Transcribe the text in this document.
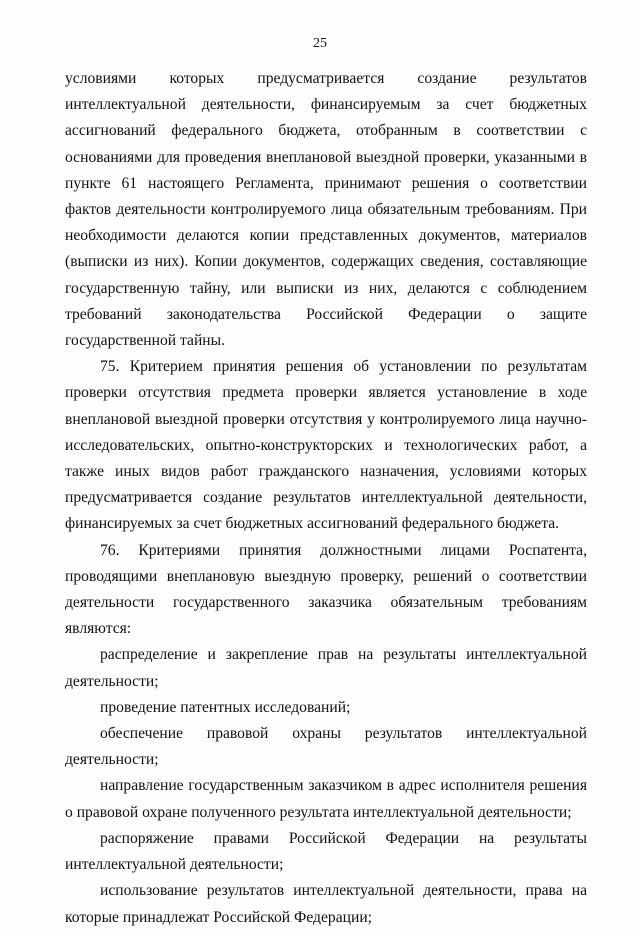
25

условиями которых предусматривается создание результатов интеллектуальной деятельности, финансируемым за счет бюджетных ассигнований федерального бюджета, отобранным в соответствии с основаниями для проведения внеплановой выездной проверки, указанными в пункте 61 настоящего Регламента, принимают решения о соответствии фактов деятельности контролируемого лица обязательным требованиям. При необходимости делаются копии представленных документов, материалов (выписки из них). Копии документов, содержащих сведения, составляющие государственную тайну, или выписки из них, делаются с соблюдением требований законодательства Российской Федерации о защите государственной тайны.

75. Критерием принятия решения об установлении по результатам проверки отсутствия предмета проверки является установление в ходе внеплановой выездной проверки отсутствия у контролируемого лица научно-исследовательских, опытно-конструкторских и технологических работ, а также иных видов работ гражданского назначения, условиями которых предусматривается создание результатов интеллектуальной деятельности, финансируемых за счет бюджетных ассигнований федерального бюджета.

76. Критериями принятия должностными лицами Роспатента, проводящими внеплановую выездную проверку, решений о соответствии деятельности государственного заказчика обязательным требованиям являются:

распределение и закрепление прав на результаты интеллектуальной деятельности;

проведение патентных исследований;

обеспечение правовой охраны результатов интеллектуальной деятельности;

направление государственным заказчиком в адрес исполнителя решения о правовой охране полученного результата интеллектуальной деятельности;

распоряжение правами Российской Федерации на результаты интеллектуальной деятельности;

использование результатов интеллектуальной деятельности, права на которые принадлежат Российской Федерации;
